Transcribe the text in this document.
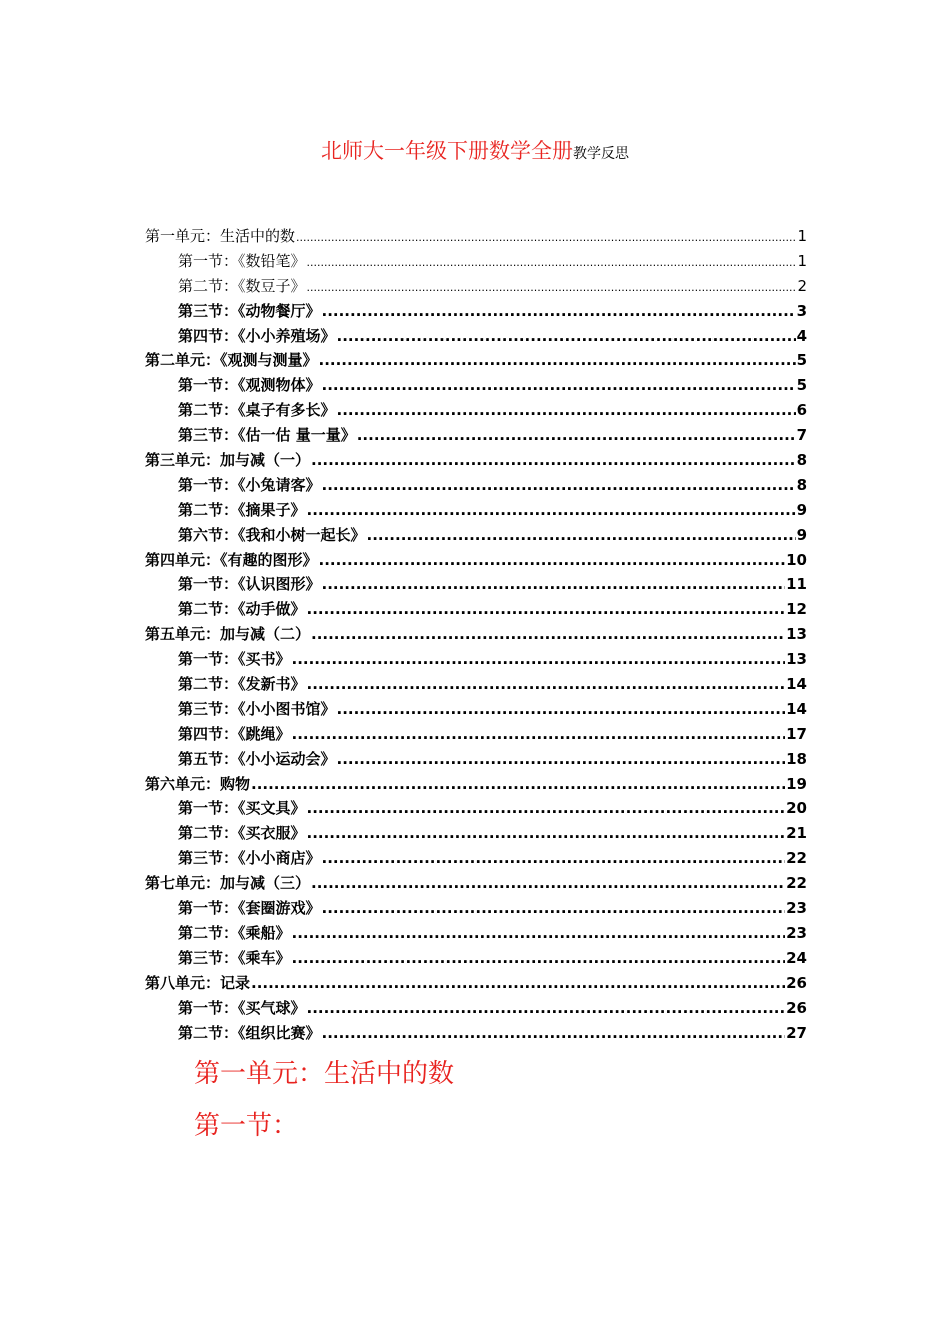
北师大一年级下册数学全册教学反思
第一单元：生活中的数 .....	1
第一节：《数铅笔》 .....	1
第二节：《数豆子》 .....	2
第三节：《动物餐厅》 .....	3
第四节：《小小养殖场》 .....	4
第二单元：《观测与测量》 .....	5
第一节：《观测物体》 .....	5
第二节：《桌子有多长》 .....	6
第三节：《估一估 量一量》 .....	7
第三单元：加与减（一） .....	8
第一节：《小兔请客》 .....	8
第二节：《摘果子》 .....	9
第六节：《我和小树一起长》 .....	9
第四单元：《有趣的图形》 .....	10
第一节：《认识图形》 .....	11
第二节：《动手做》 .....	12
第五单元：加与减（二） .....	13
第一节：《买书》 .....	13
第二节：《发新书》 .....	14
第三节：《小小图书馆》 .....	14
第四节：《跳绳》 .....	17
第五节：《小小运动会》 .....	18
第六单元：购物 .....	19
第一节：《买文具》 .....	20
第二节：《买衣服》 .....	21
第三节：《小小商店》 .....	22
第七单元：加与减（三） .....	22
第一节：《套圈游戏》 .....	23
第二节：《乘船》 .....	23
第三节：《乘车》 .....	24
第八单元：记录 .....	26
第一节：《买气球》 .....	26
第二节：《组织比赛》 .....	27
第一单元：生活中的数
第一节：
